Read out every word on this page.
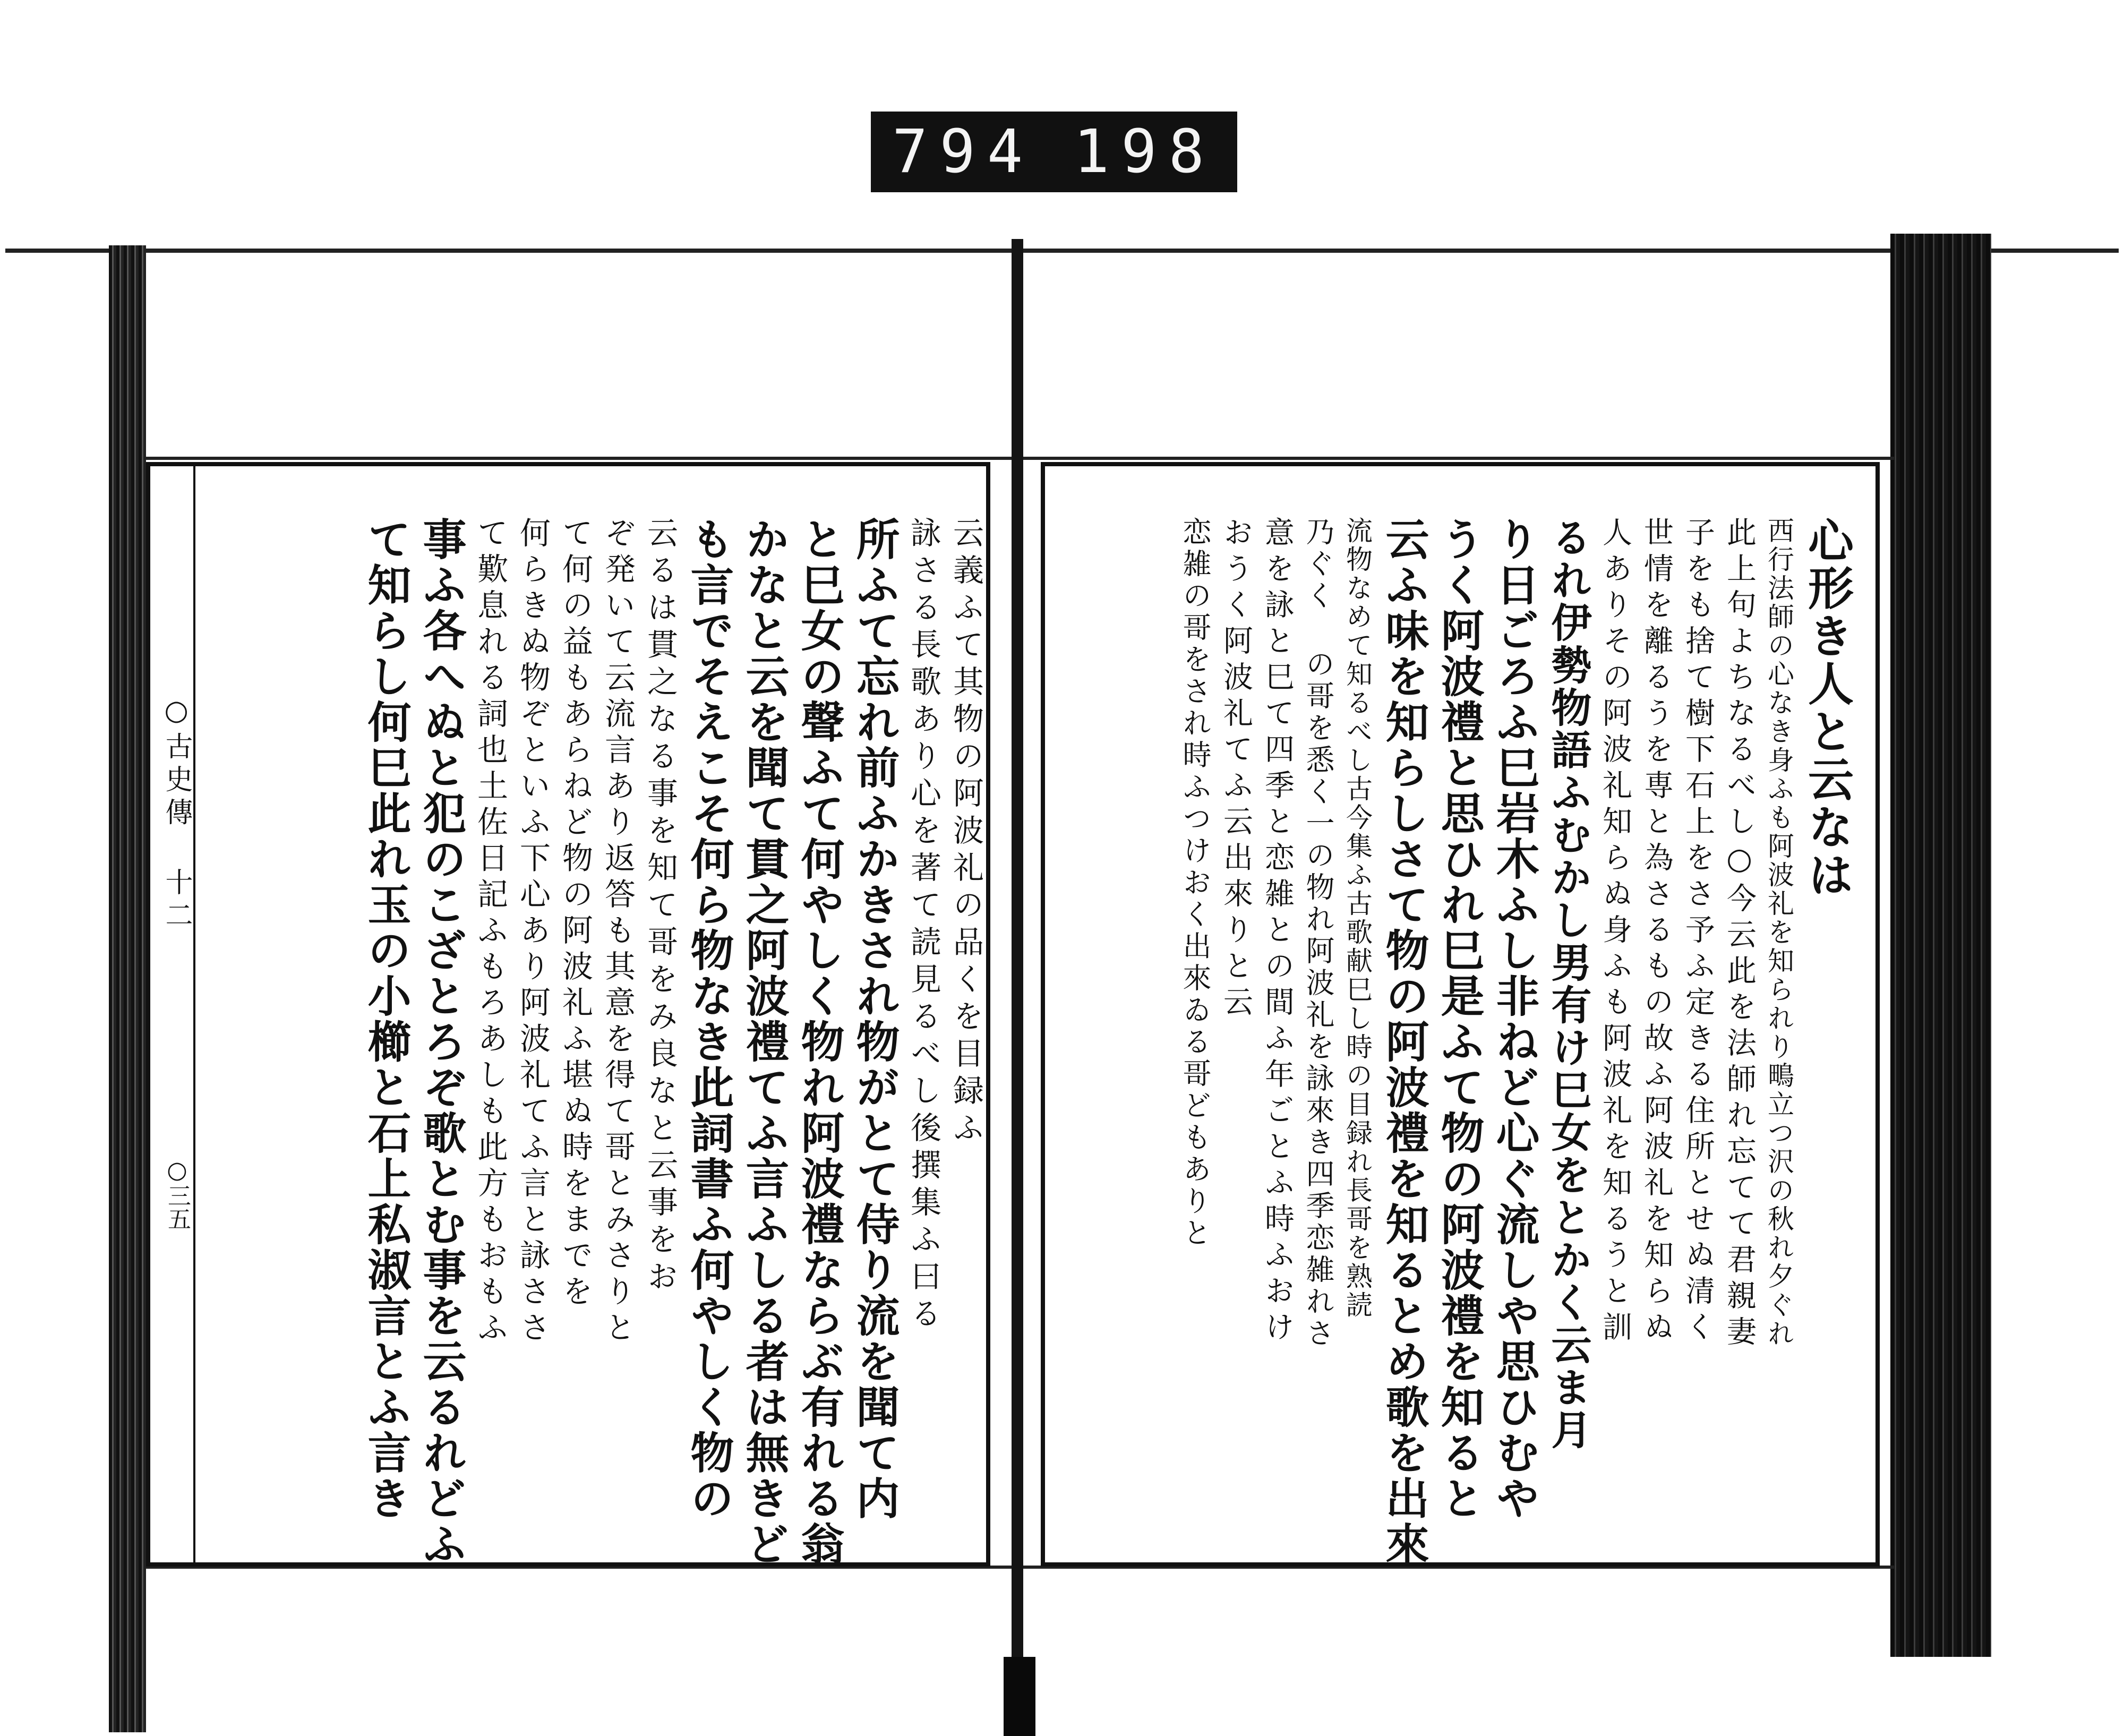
794 198
○古史傳 十二
○三五
云義ふて其物の阿波礼の品くを目録ふ
詠さる長歌あり心を著て読見るべし後撰集ふ曰る
所ふて忘れ前ふかきされ物がとて侍り流を聞て内
と巳女の聲ふて何やしく物れ阿波禮ならぶ有れる翁
かなと云を聞て貫之阿波禮てふ言ふしる者は無きど
も言でそえこそ何ら物なき此詞書ふ何やしく物の
云るは貫之なる事を知て哥をみ良なと云事をお
ぞ発いて云流言あり返答も其意を得て哥とみさりと
て何の益もあらねど物の阿波礼ふ堪ぬ時をまでを
何らきぬ物ぞといふ下心あり阿波礼てふ言と詠ささ
て歎息れる詞也土佐日記ふもろあしも此方もおもふ
事ふ各へぬと犯のこざとろぞ歌とむ事を云るれどふ
て知らし何巳此れ玉の小櫛と石上私淑言とふ言き	心形き人と云なは
西行法師の心なき身ふも阿波礼を知られり鴫立つ沢の秋れ夕ぐれ
此上句よちなるべし○今云此を法師れ忘てて君親妻
子をも捨て樹下石上をさ予ふ定きる住所とせぬ清く
世情を離るうを専と為さるもの故ふ阿波礼を知らぬ
人ありその阿波礼知らぬ身ふも阿波礼を知るうと訓
るれ伊勢物語ふむかし男有け巳女をとかく云ま月
り日ごろふ巳岩木ふし非ねど心ぐ流しや思ひむや
うく阿波禮と思ひれ巳是ふて物の阿波禮を知ると
云ふ味を知らしさて物の阿波禮を知るとめ歌を出來
流物なめて知るべし古今集ふ古歌献巳し時の目録れ長哥を熟読
乃ぐく の哥を悉く一の物れ阿波礼を詠來き四季恋雑れさ
意を詠と巳て四季と恋雑との間ふ年ごとふ時ふおけ
おうく阿波礼てふ云出來りと云
恋雑の哥をされ時ふつけおく出來ゐる哥どもありと
